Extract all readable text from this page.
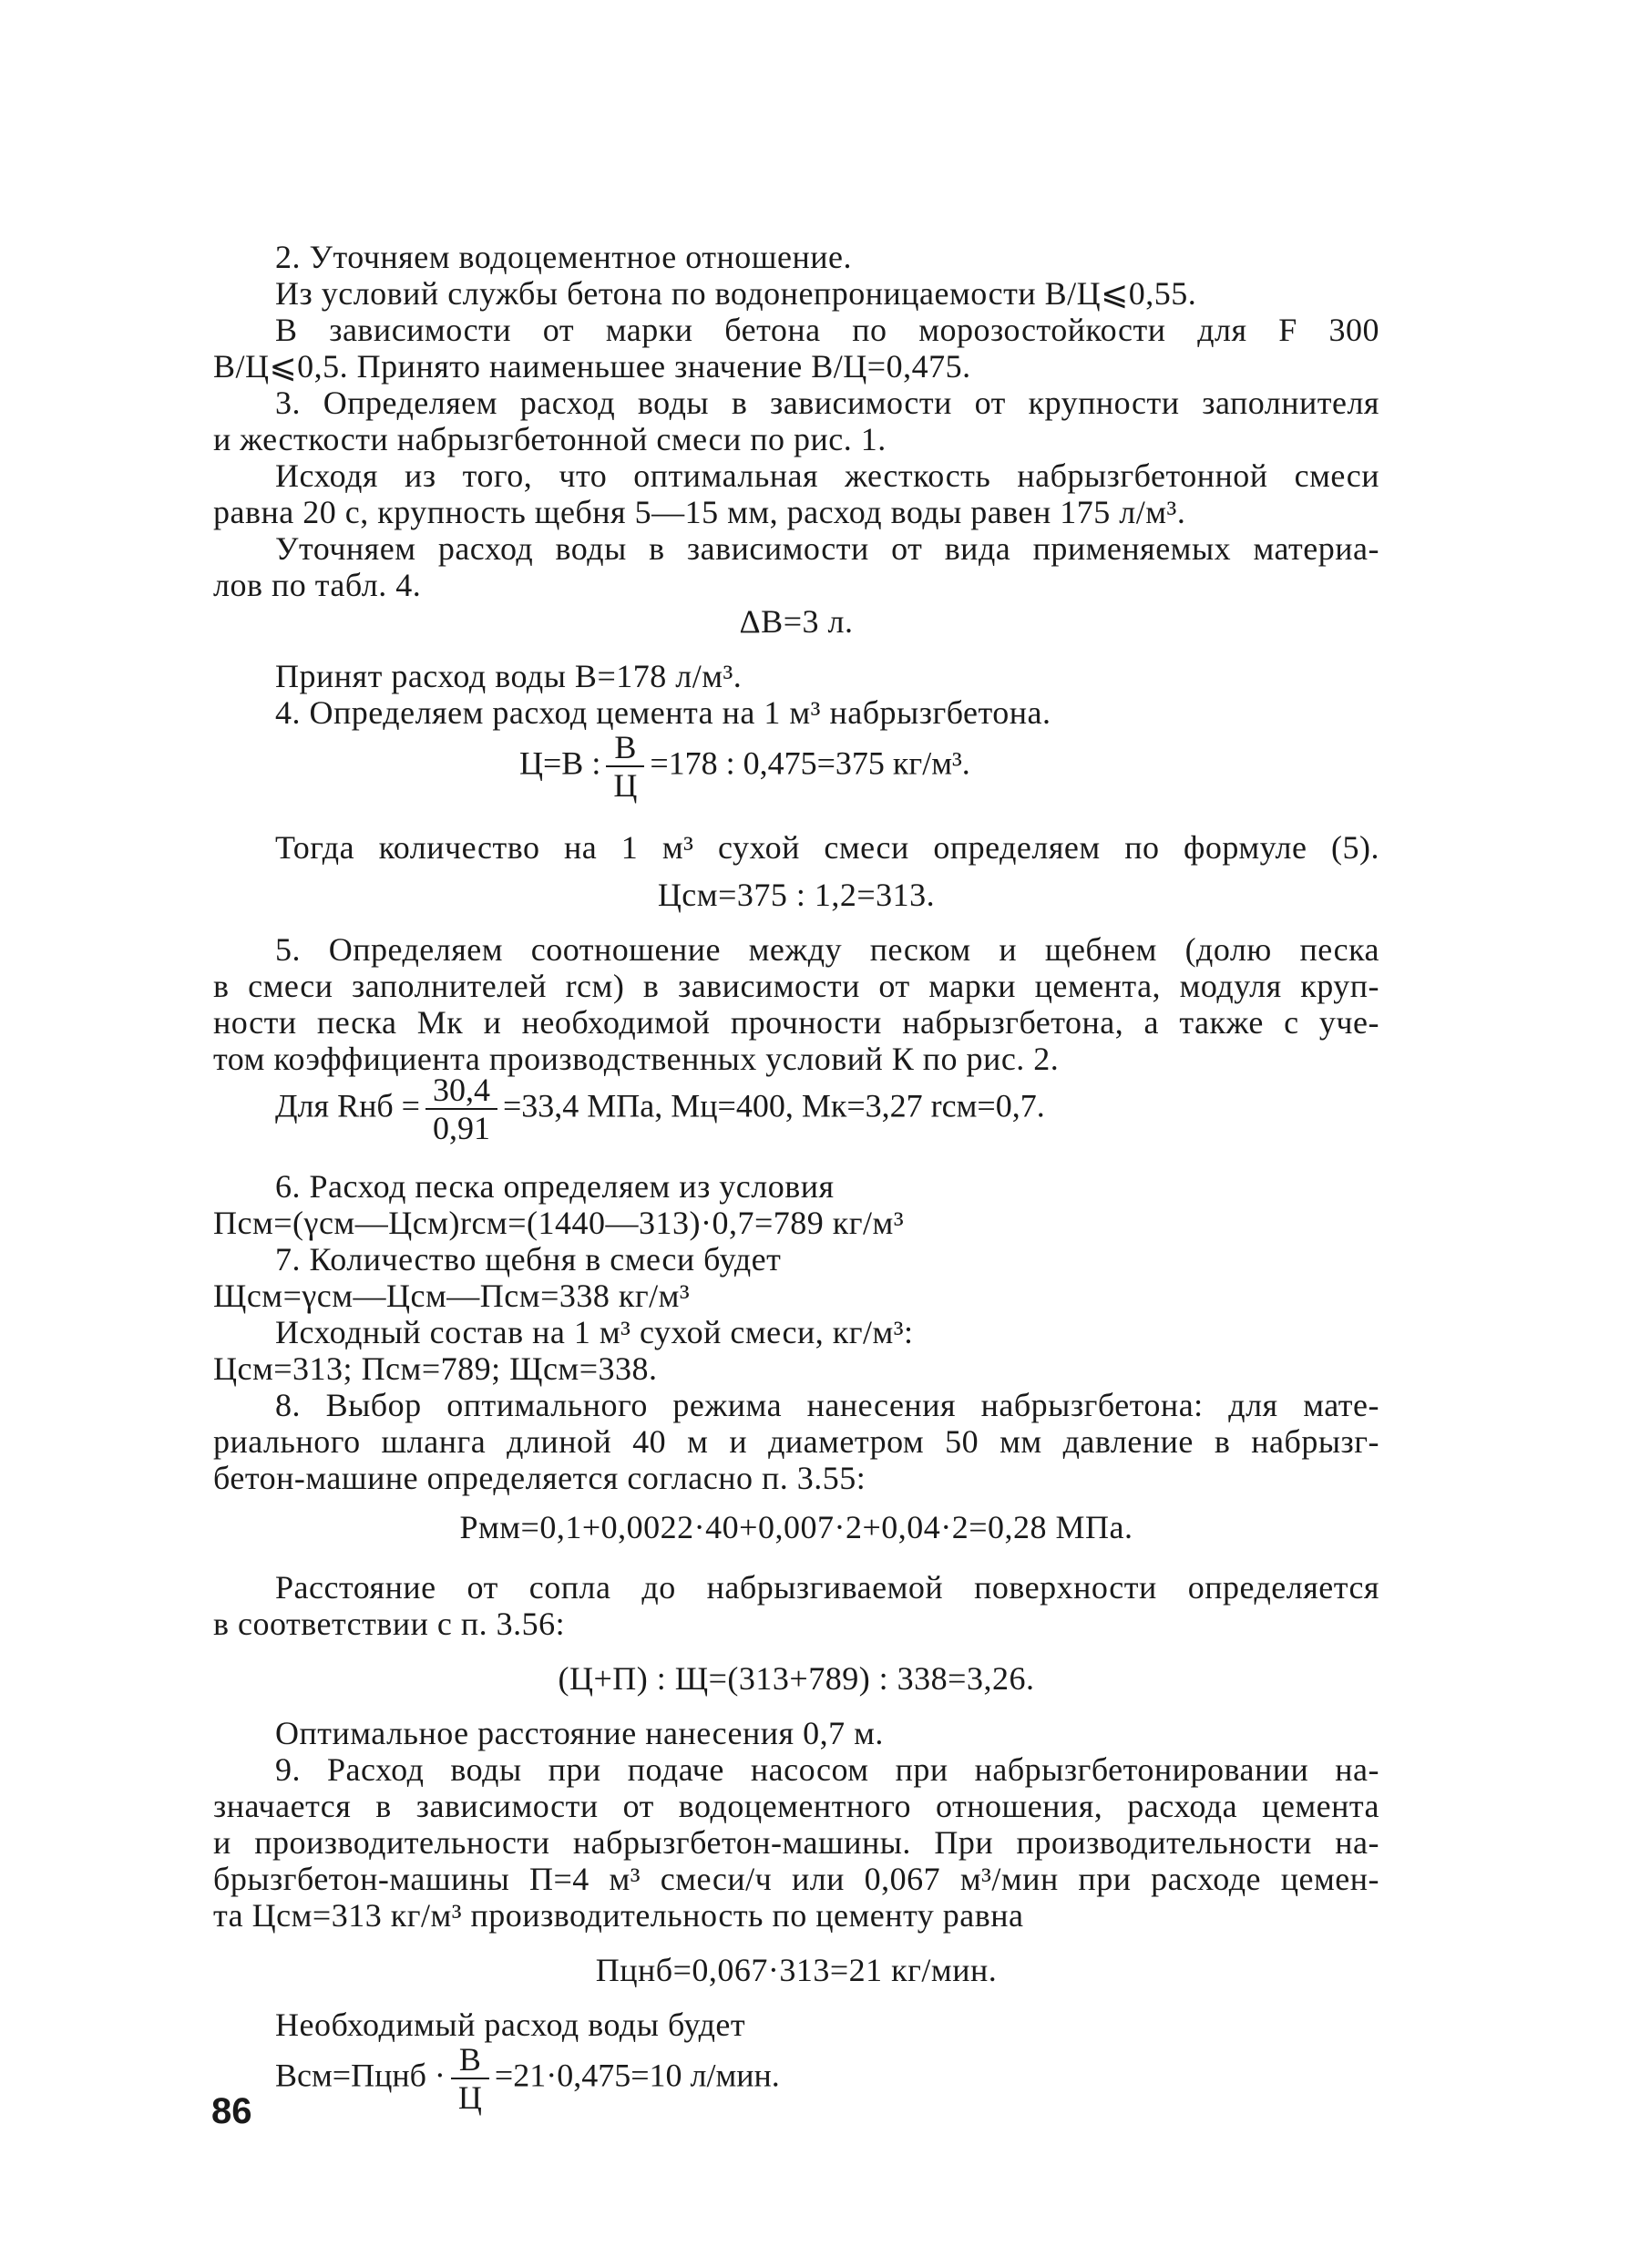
2. Уточняем водоцементное отношение.
Из условий службы бетона по водонепроницаемости В/Ц⩽0,55.
В зависимости от марки бетона по морозостойкости для F 300
В/Ц⩽0,5. Принято наименьшее значение В/Ц=0,475.
3. Определяем расход воды в зависимости от крупности заполнителя
и жесткости набрызгбетонной смеси по рис. 1.
Исходя из того, что оптимальная жесткость набрызгбетонной смеси
равна 20 с, крупность щебня 5—15 мм, расход воды равен 175 л/м³.
Уточняем расход воды в зависимости от вида применяемых материа-
лов по табл. 4.
ΔВ=3 л.
Принят расход воды В=178 л/м³.
4. Определяем расход цемента на 1 м³ набрызгбетона.
Ц=В : $\frac{В}{Ц} =178$ : 0,475=375 кг/м³.
Тогда количество на 1 м³ сухой смеси определяем по формуле (5).
Цсм=375 : 1,2=313.
5. Определяем соотношение между песком и щебнем (долю песка
в смеси заполнителей rсм) в зависимости от марки цемента, модуля круп-
ности песка Мк и необходимой прочности набрызгбетона, а также с уче-
том коэффициента производственных условий К по рис. 2.
Для Rнб = $\frac{30,4}{0,91} =33,4$ МПа, Мц=400, Мк=3,27 rсм=0,7.
6. Расход песка определяем из условия
Псм=(γсм—Цсм)rсм=(1440—313)·0,7=789 кг/м³
7. Количество щебня в смеси будет
Щсм=γсм—Цсм—Псм=338 кг/м³
Исходный состав на 1 м³ сухой смеси, кг/м³:
Цсм=313; Псм=789; Щсм=338.
8. Выбор оптимального режима нанесения набрызгбетона: для мате-
риального шланга длиной 40 м и диаметром 50 мм давление в набрызг-
бетон-машине определяется согласно п. 3.55:
Рмм=0,1+0,0022·40+0,007·2+0,04·2=0,28 МПа.
Расстояние от сопла до набрызгиваемой поверхности определяется
в соответствии с п. 3.56:
(Ц+П) : Щ=(313+789) : 338=3,26.
Оптимальное расстояние нанесения 0,7 м.
9. Расход воды при подаче насосом при набрызгбетонировании на-
значается в зависимости от водоцементного отношения, расхода цемента
и производительности набрызгбетон-машины. При производительности на-
брызгбетон-машины П=4 м³ смеси/ч или 0,067 м³/мин при расходе цемен-
та Цсм=313 кг/м³ производительность по цементу равна
Пцнб=0,067·313=21 кг/мин.
Необходимый расход воды будет
Всм=Пцнб · $\frac{В}{Ц} =21\cdot 0,475=10$ л/мин.
86
